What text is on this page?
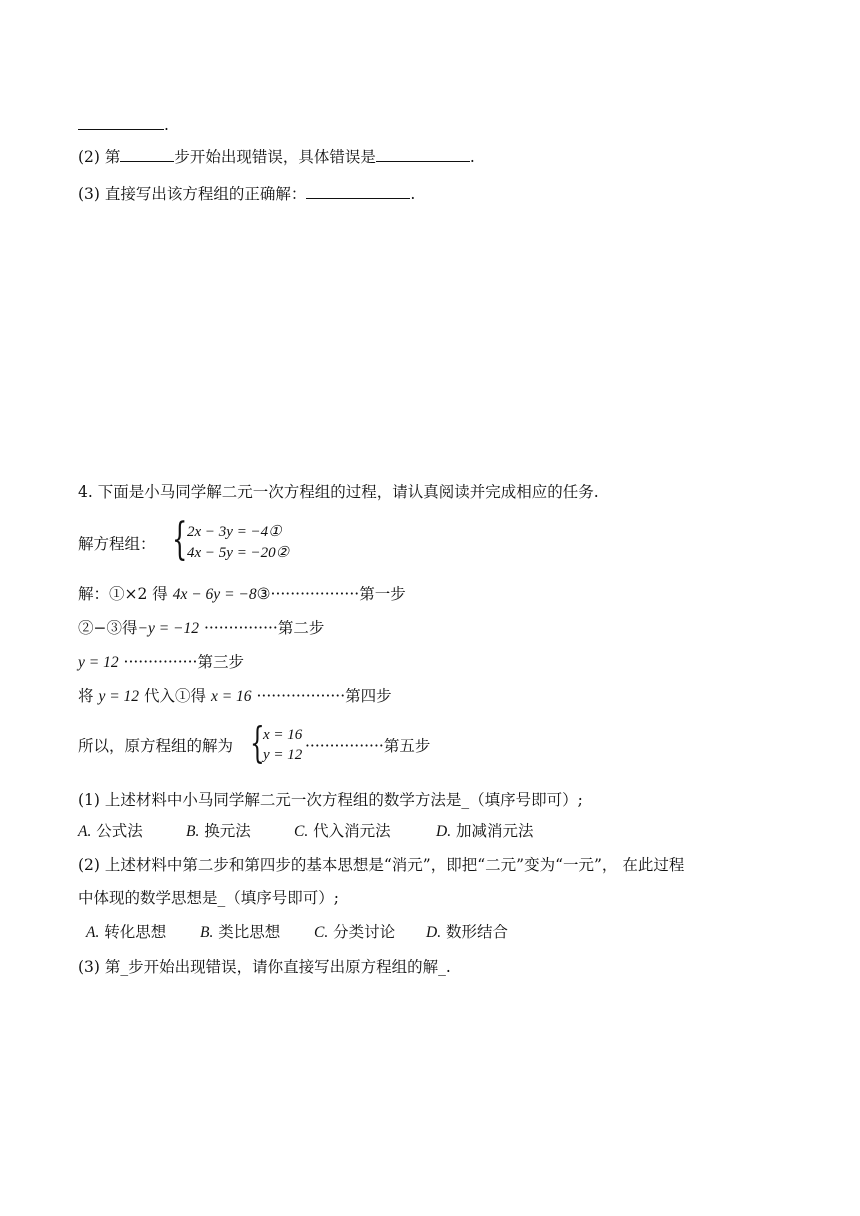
.
(2) 第	步开始出现错误，具体错误是	.
(3) 直接写出该方程组的正确解：	.
4. 下面是小马同学解二元一次方程组的过程，请认真阅读并完成相应的任务.
解方程组： { 2x − 3y = −4①
4x − 5y = −20②
解：①×2 得 4x − 6y = −8③··················第一步
②−③得−y = −12 ···············第二步
y = 12 ···············第三步
将 y = 12 代入①得 x = 16 ··················第四步
所以，原方程组的解为 {
x = 16
y = 12 ················第五步
(1) 上述材料中小马同学解二元一次方程组的数学方法是_（填序号即可）;
A. 公式法	B. 换元法	C. 代入消元法	D. 加减消元法
(2) 上述材料中第二步和第四步的基本思想是“消元”，即把“二元”变为“一元”， 在此过程
中体现的数学思想是_（填序号即可）;
A. 转化思想 B. 类比思想 C. 分类讨论 D. 数形结合
(3) 第_步开始出现错误，请你直接写出原方程组的解_.
